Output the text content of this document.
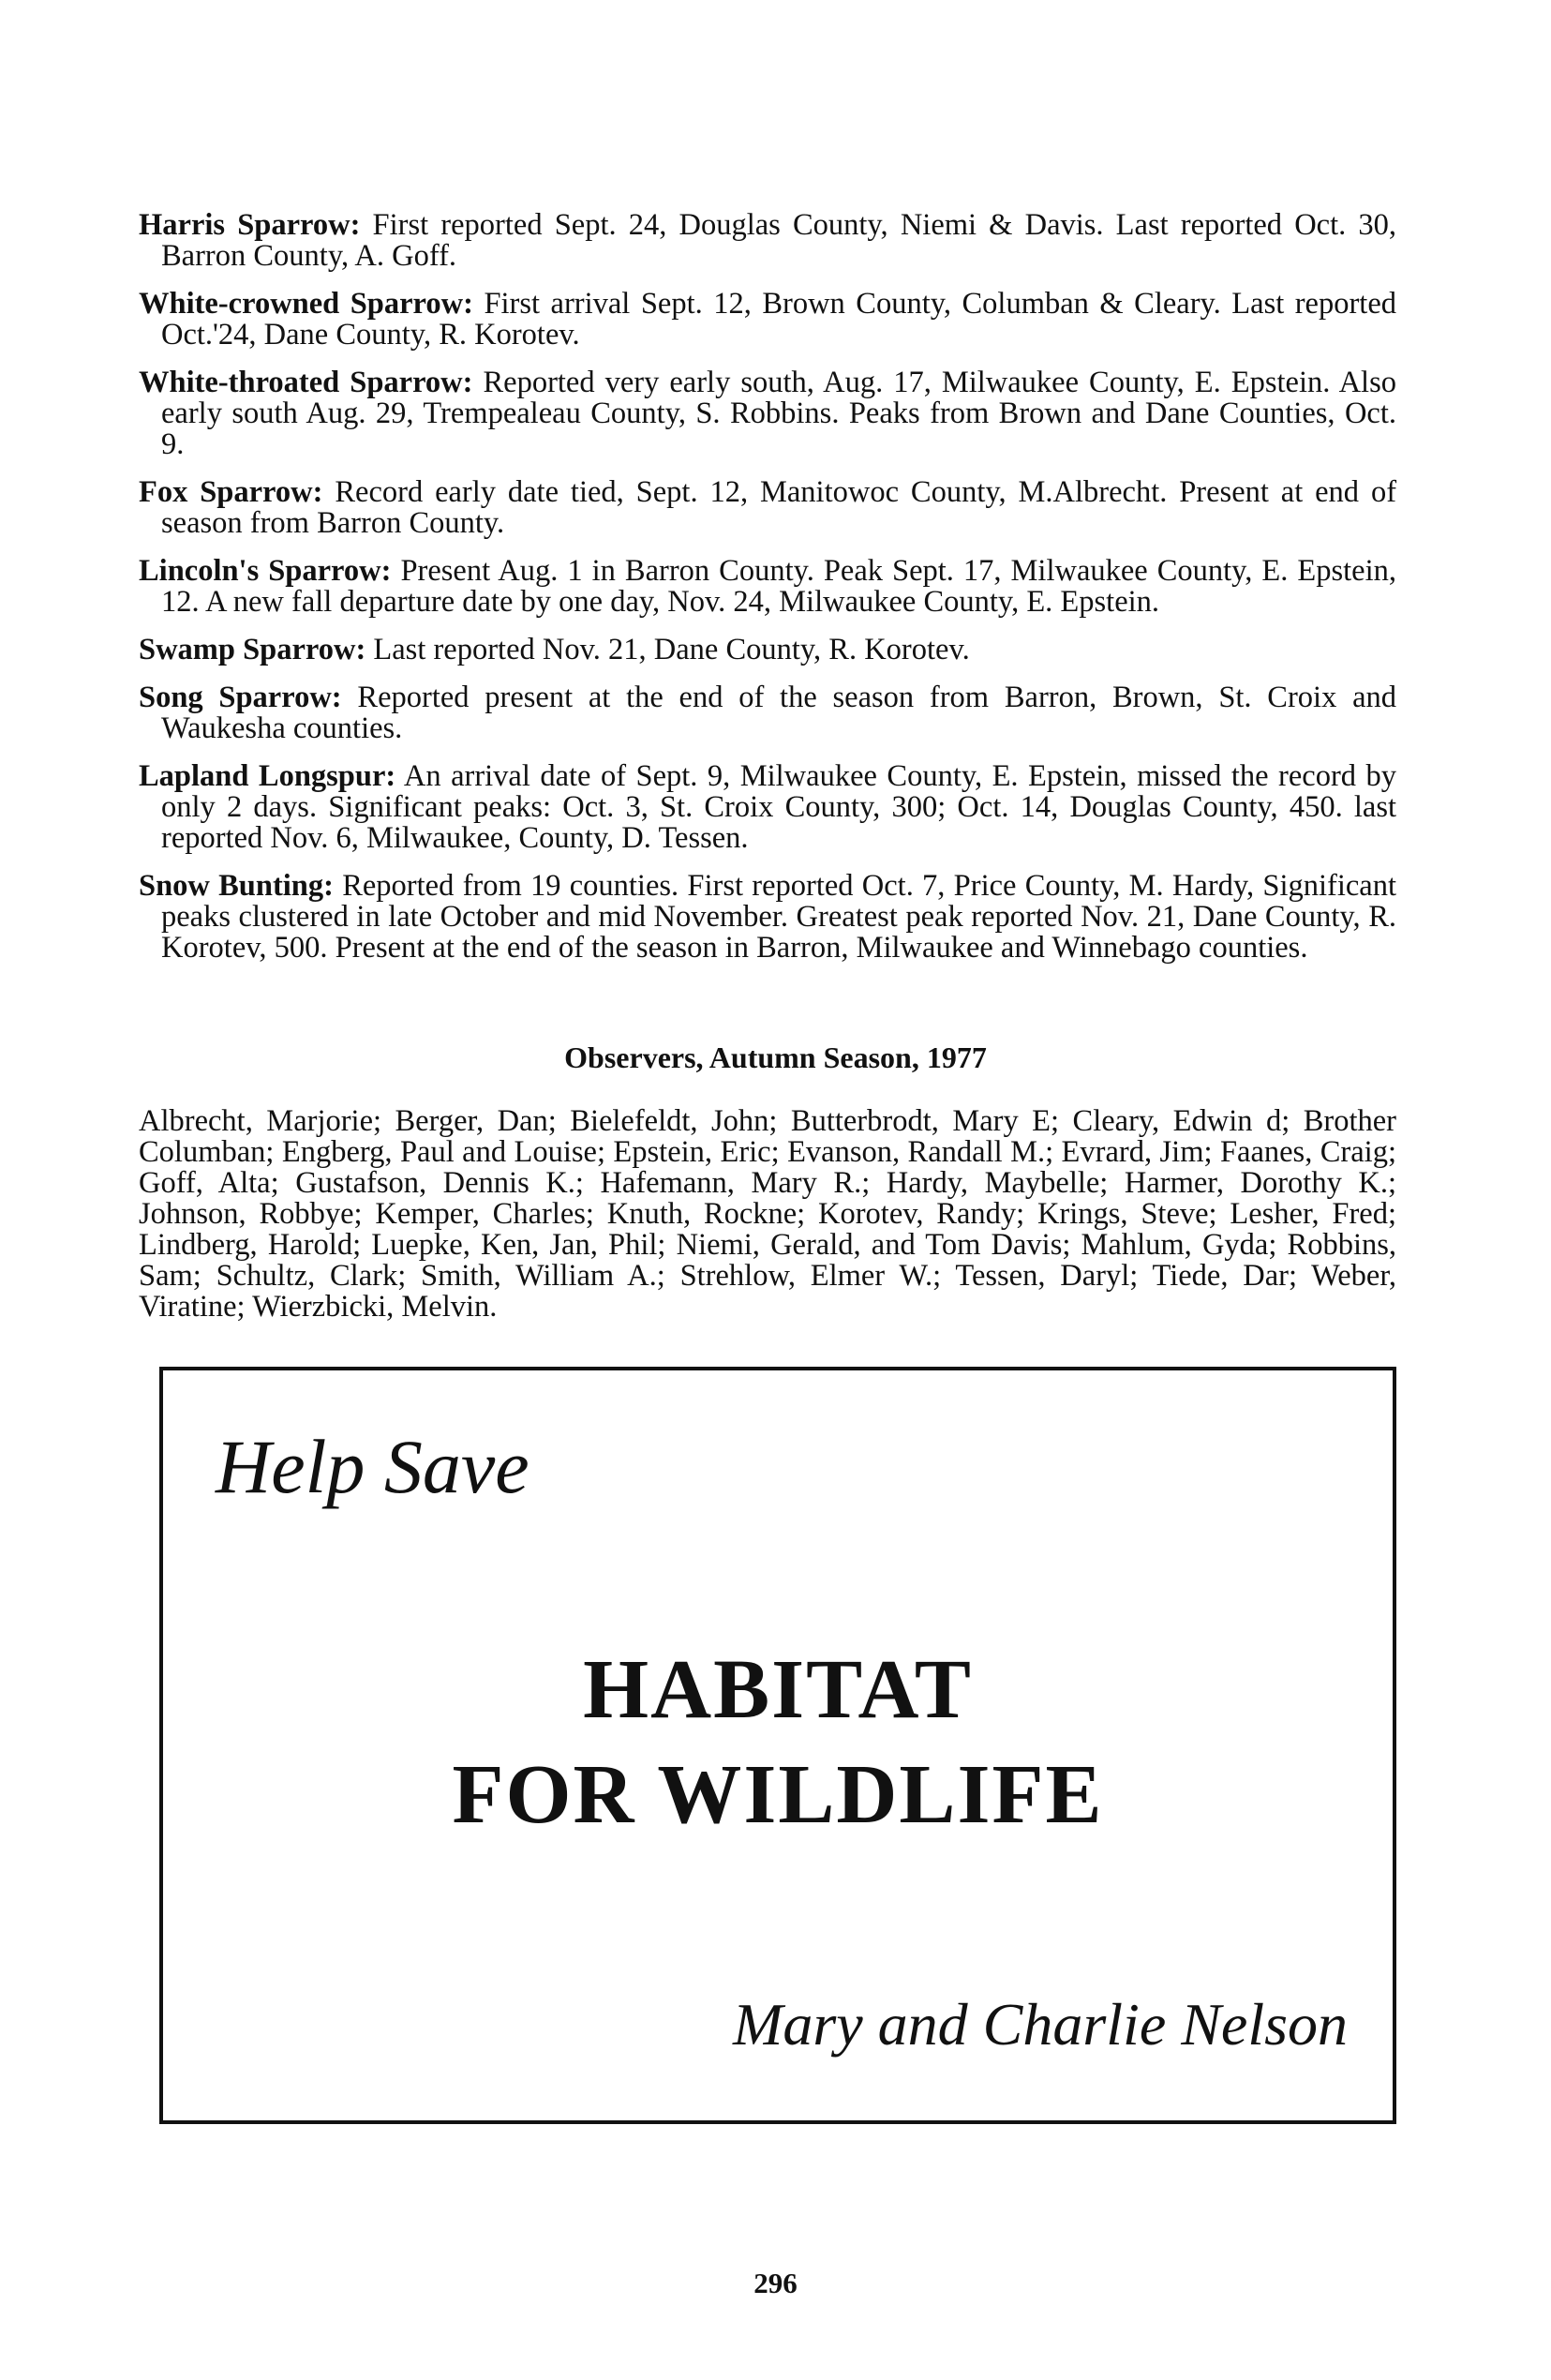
Harris Sparrow: First reported Sept. 24, Douglas County, Niemi & Davis. Last reported Oct. 30, Barron County, A. Goff.

White-crowned Sparrow: First arrival Sept. 12, Brown County, Columban & Cleary. Last reported Oct.'24, Dane County, R. Korotev.

White-throated Sparrow: Reported very early south, Aug. 17, Milwaukee County, E. Epstein. Also early south Aug. 29, Trempealeau County, S. Robbins. Peaks from Brown and Dane Counties, Oct. 9.

Fox Sparrow: Record early date tied, Sept. 12, Manitowoc County, M.Albrecht. Present at end of season from Barron County.

Lincoln's Sparrow: Present Aug. 1 in Barron County. Peak Sept. 17, Milwaukee County, E. Epstein, 12. A new fall departure date by one day, Nov. 24, Milwaukee County, E. Epstein.

Swamp Sparrow: Last reported Nov. 21, Dane County, R. Korotev.

Song Sparrow: Reported present at the end of the season from Barron, Brown, St. Croix and Waukesha counties.

Lapland Longspur: An arrival date of Sept. 9, Milwaukee County, E. Epstein, missed the record by only 2 days. Significant peaks: Oct. 3, St. Croix County, 300; Oct. 14, Douglas County, 450. last reported Nov. 6, Milwaukee, County, D. Tessen.

Snow Bunting: Reported from 19 counties. First reported Oct. 7, Price County, M. Hardy, Significant peaks clustered in late October and mid November. Greatest peak reported Nov. 21, Dane County, R. Korotev, 500. Present at the end of the season in Barron, Milwaukee and Winnebago counties.

Observers, Autumn Season, 1977
Albrecht, Marjorie; Berger, Dan; Bielefeldt, John; Butterbrodt, Mary E; Cleary, Edwin d; Brother Columban; Engberg, Paul and Louise; Epstein, Eric; Evanson, Randall M.; Evrard, Jim; Faanes, Craig; Goff, Alta; Gustafson, Dennis K.; Hafemann, Mary R.; Hardy, Maybelle; Harmer, Dorothy K.; Johnson, Robbye; Kemper, Charles; Knuth, Rockne; Korotev, Randy; Krings, Steve; Lesher, Fred; Lindberg, Harold; Luepke, Ken, Jan, Phil; Niemi, Gerald, and Tom Davis; Mahlum, Gyda; Robbins, Sam; Schultz, Clark; Smith, William A.; Strehlow, Elmer W.; Tessen, Daryl; Tiede, Dar; Weber, Viratine; Wierzbicki, Melvin.
Help Save
HABITAT
FOR WILDLIFE
Mary and Charlie Nelson
296
